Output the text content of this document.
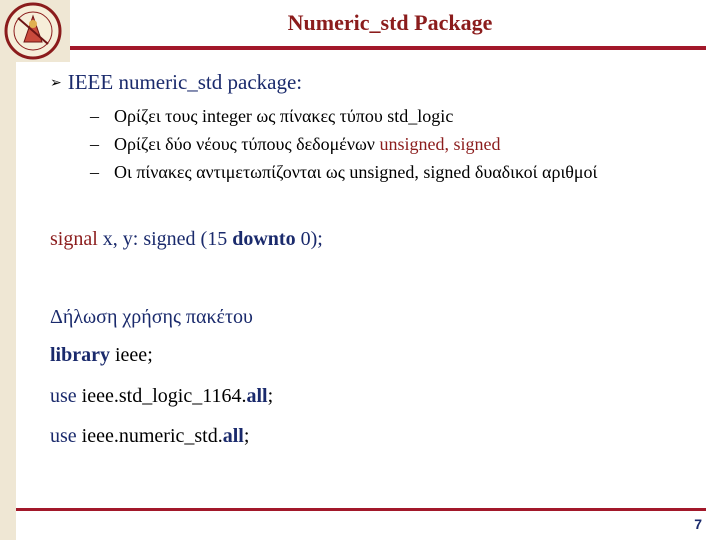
Numeric_std Package
➢ IEEE numeric_std package:
– Ορίζει τους integer ως πίνακες τύπου std_logic
– Ορίζει δύο νέους τύπους δεδομένων unsigned, signed
– Οι πίνακες αντιμετωπίζονται ως unsigned, signed δυαδικοί αριθμοί
signal x, y: signed (15 downto 0);
Δήλωση χρήσης πακέτου
library ieee;
use ieee.std_logic_1164.all;
use ieee.numeric_std.all;
7
